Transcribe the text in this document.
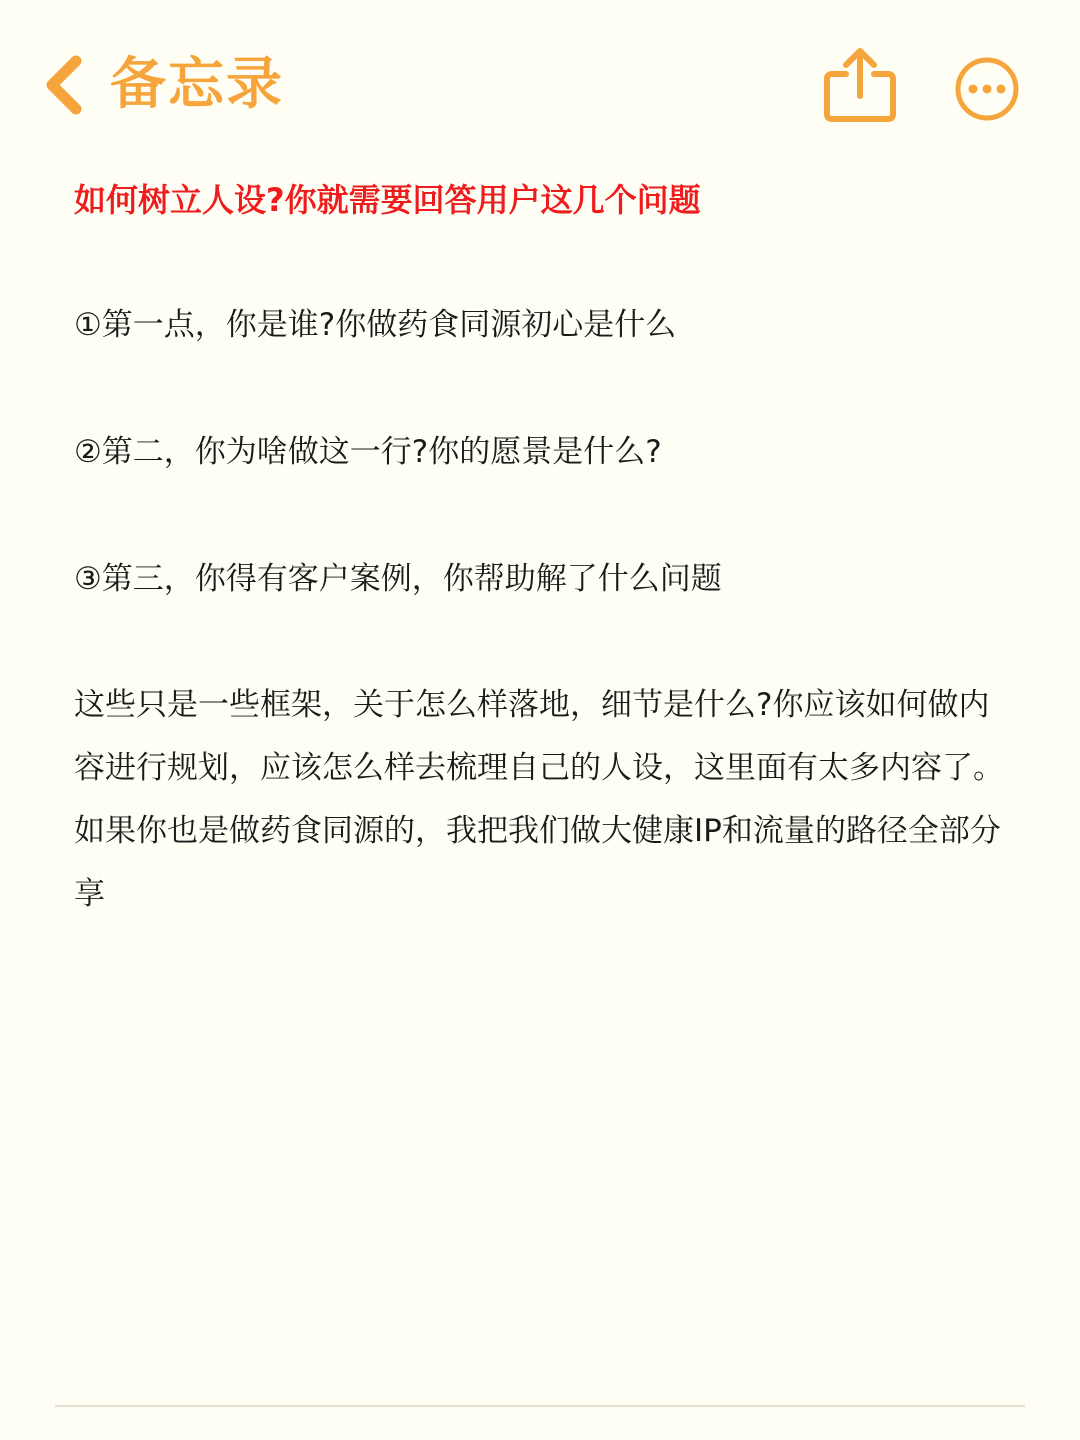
备忘录

如何树立人设?你就需要回答用户这几个问题

①第一点，你是谁?你做药食同源初心是什么

②第二，你为啥做这一行?你的愿景是什么?

③第三，你得有客户案例，你帮助解了什么问题

这些只是一些框架，关于怎么样落地，细节是什么?你应该如何做内容进行规划，应该怎么样去梳理自己的人设，这里面有太多内容了。如果你也是做药食同源的，我把我们做大健康IP和流量的路径全部分享
